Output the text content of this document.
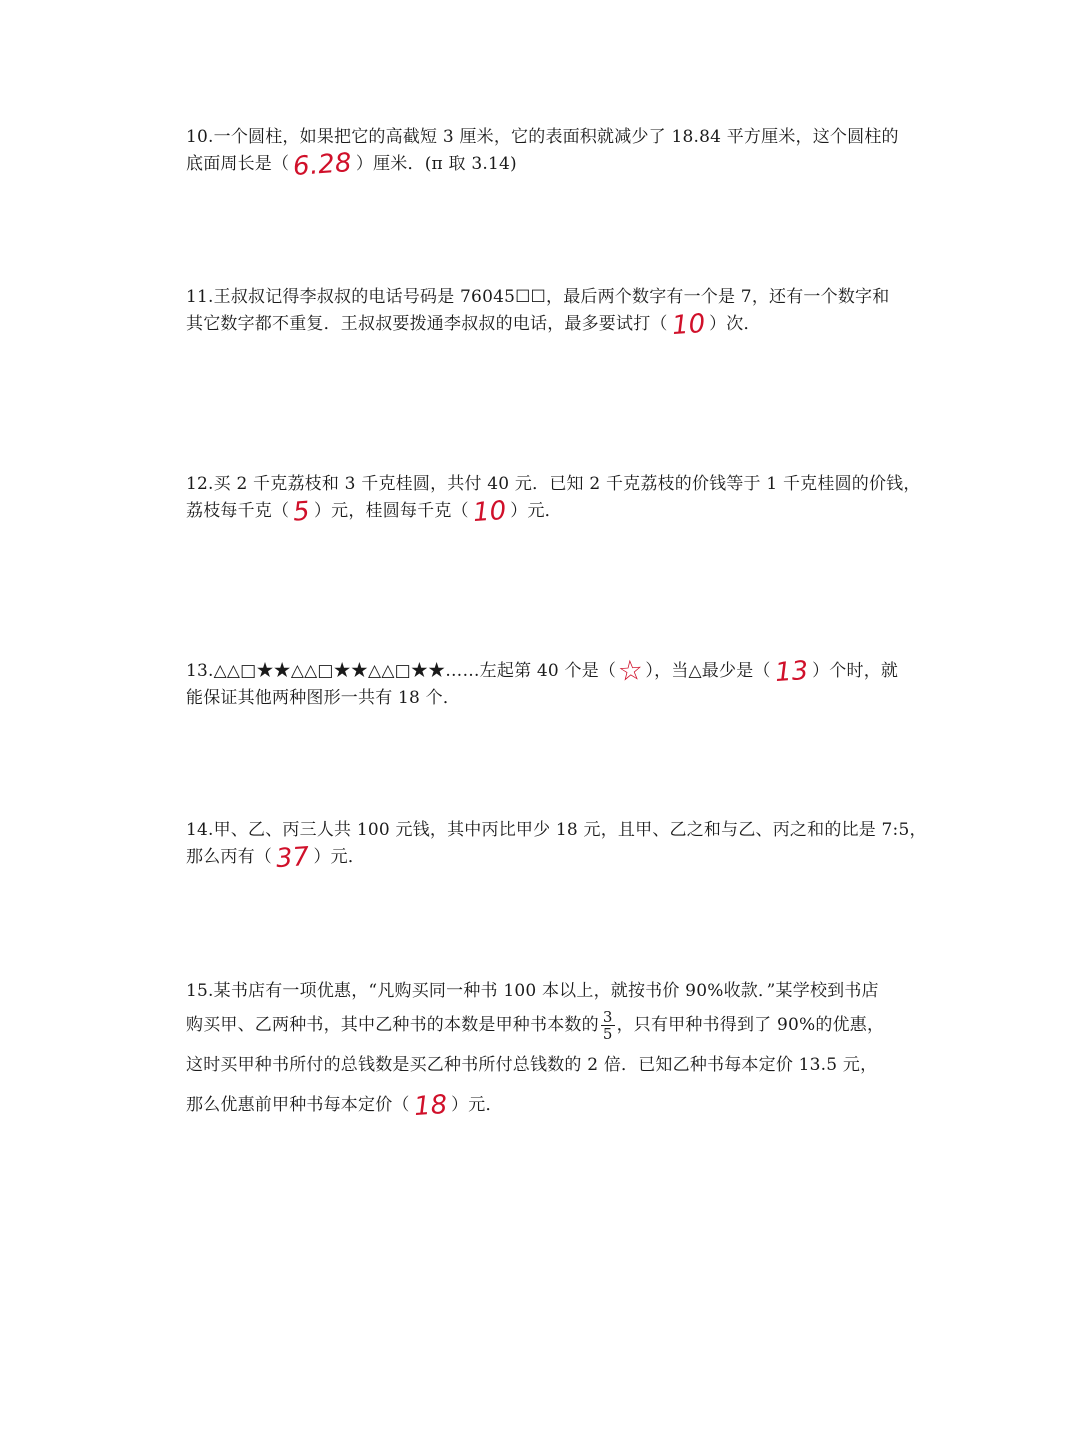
10.一个圆柱，如果把它的高截短 3 厘米，它的表面积就减少了 18.84 平方厘米，这个圆柱的
底面周长是（ 6.28 ）厘米．(π 取 3.14)
11.王叔叔记得李叔叔的电话号码是 76045☐☐，最后两个数字有一个是 7，还有一个数字和
其它数字都不重复．王叔叔要拨通李叔叔的电话，最多要试打（ 10 ）次．
12.买 2 千克荔枝和 3 千克桂圆，共付 40 元．已知 2 千克荔枝的价钱等于 1 千克桂圆的价钱，
荔枝每千克（ 5 ）元，桂圆每千克（ 10 ）元．
13.△△□★★△△□★★△△□★★……左起第 40 个是（☆），当△最少是（ 13 ）个时，就
能保证其他两种图形一共有 18 个．
14.甲、乙、丙三人共 100 元钱，其中丙比甲少 18 元，且甲、乙之和与乙、丙之和的比是 7:5，
那么丙有（ 37 ）元．
15.某书店有一项优惠，“凡购买同一种书 100 本以上，就按书价 90%收款．”某学校到书店
购买甲、乙两种书，其中乙种书的本数是甲种书本数的 $\frac{3}{5}$ ，只有甲种书得到了 90%的优惠，
这时买甲种书所付的总钱数是买乙种书所付总钱数的 2 倍．已知乙种书每本定价 13.5 元，
那么优惠前甲种书每本定价（ 18 ）元．
